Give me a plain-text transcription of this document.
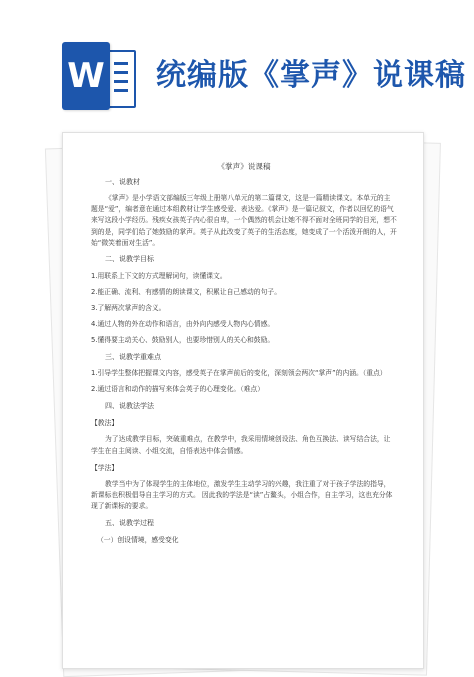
W 统编版《掌声》说课稿
《掌声》说课稿
一、说教材
《掌声》是小学语文部编版三年级上册第八单元的第二篇课文，这是一篇精读课文。本单元的主题是“爱”，编者意在通过本组教材让学生感受爱、表达爱。《掌声》是一篇记叙文，作者以回忆的语气来写这段小学经历。残疾女孩英子内心很自卑，一个偶然的机会让她不得不面对全班同学的目光，想不到的是，同学们给了她鼓励的掌声。英子从此改变了英子的生活态度，她变成了一个活泼开朗的人，开始“微笑着面对生活”。
二、说教学目标
1.用联系上下文的方式理解词句，读懂课文。
2.能正确、流利、有感情的朗读课文，积累让自己感动的句子。
3.了解两次掌声的含义。
4.通过人物的外在动作和语言，由外向内感受人物内心情感。
5.懂得要主动关心、鼓励别人，也要珍惜别人的关心和鼓励。
三、说教学重难点
1.引导学生整体把握课文内容，感受英子在掌声前后的变化，深刻领会两次“掌声”的内涵。（重点）
2.通过语言和动作的描写来体会英子的心理变化。（难点）
四、说教法学法
【教法】
为了达成教学目标，突破重难点，在教学中，我采用情境创设法、角色互换法、读写结合法，让学生在自主阅读、小组交流，自悟表达中体会情感。
【学法】
教学当中为了体现学生的主体地位，激发学生主动学习的兴趣，我注重了对于孩子学法的指导，新课标也积极倡导自主学习的方式。 因此我的学法是“读”占鳌头，小组合作，自主学习，这也充分体现了新课标的要求。
五、说教学过程
（一）创设情境，感受变化
